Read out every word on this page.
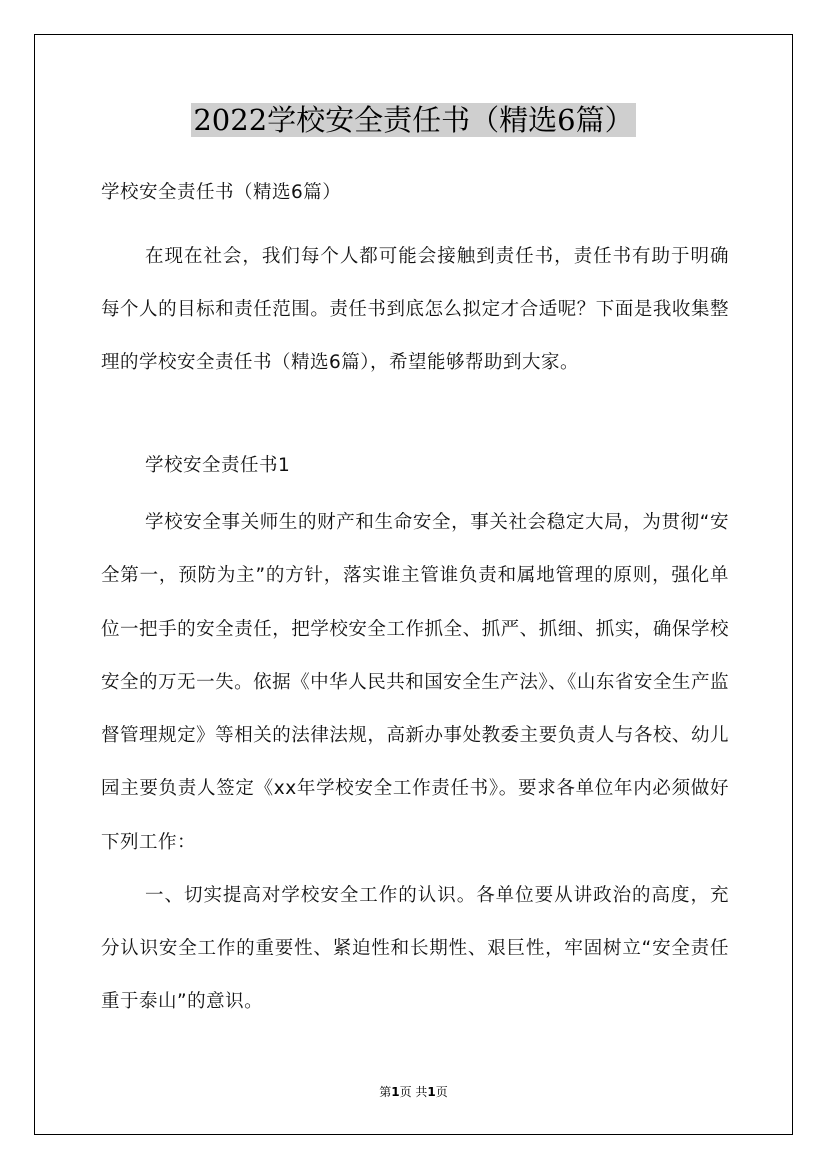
2022学校安全责任书（精选6篇）
学校安全责任书（精选6篇）
在现在社会，我们每个人都可能会接触到责任书，责任书有助于明确每个人的目标和责任范围。责任书到底怎么拟定才合适呢？下面是我收集整理的学校安全责任书（精选6篇），希望能够帮助到大家。
学校安全责任书1
学校安全事关师生的财产和生命安全，事关社会稳定大局，为贯彻“安全第一，预防为主”的方针，落实谁主管谁负责和属地管理的原则，强化单位一把手的安全责任，把学校安全工作抓全、抓严、抓细、抓实，确保学校安全的万无一失。依据《中华人民共和国安全生产法》、《山东省安全生产监督管理规定》等相关的法律法规，高新办事处教委主要负责人与各校、幼儿园主要负责人签定《xx年学校安全工作责任书》。要求各单位年内必须做好下列工作：
一、切实提高对学校安全工作的认识。各单位要从讲政治的高度，充分认识安全工作的重要性、紧迫性和长期性、艰巨性，牢固树立“安全责任重于泰山”的意识。
第1页 共1页
